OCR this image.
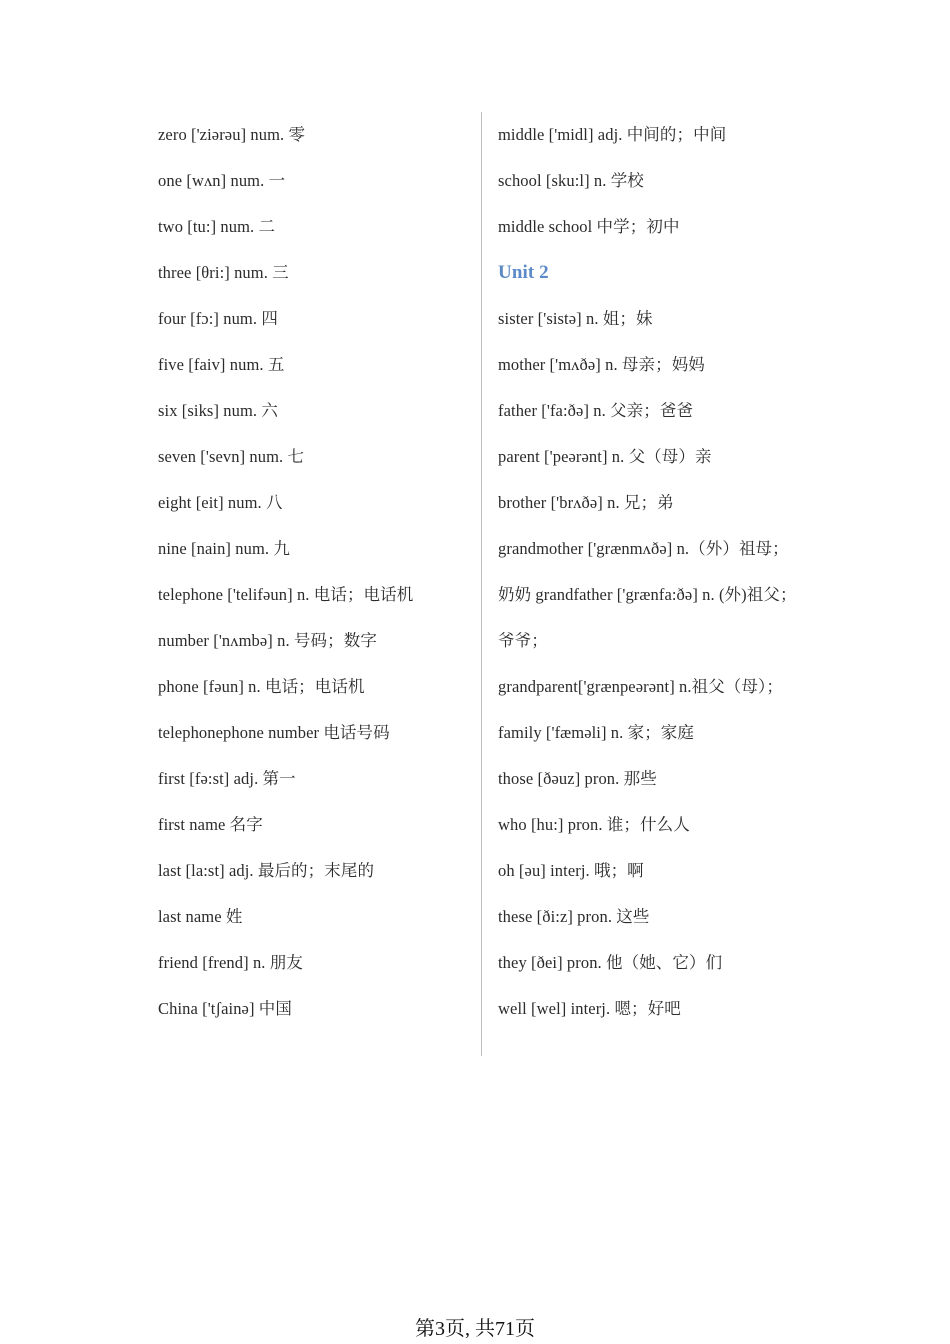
zero ['ziərəu] num. 零
one [wʌn] num. 一
two [tu:] num. 二
three [θri:] num. 三
four [fɔ:] num. 四
five [faiv] num. 五
six [siks] num. 六
seven ['sevn] num. 七
eight [eit] num. 八
nine [nain] num. 九
telephone ['telifəun] n. 电话；电话机
number ['nʌmbə] n. 号码；数字
phone [fəun] n. 电话；电话机
telephonephone number 电话号码
first [fə:st] adj. 第一
first name 名字
last [la:st] adj. 最后的；末尾的
last name 姓
friend [frend] n. 朋友
China ['tʃainə] 中国
middle ['midl] adj. 中间的；中间
school [sku:l] n. 学校
middle school 中学；初中
Unit 2
sister ['sistə] n. 姐；妹
mother ['mʌðə] n. 母亲；妈妈
father ['fa:ðə] n. 父亲；爸爸
parent ['peərənt] n. 父（母）亲
brother ['brʌðə] n. 兄；弟
grandmother ['grænmʌðə] n.（外）祖母；
奶奶 grandfather ['grænfa:ðə] n. (外)祖父；
爷爷；
grandparent['grænpeərənt] n.祖父（母）；
family ['fæməli] n. 家；家庭
those [ðəuz] pron. 那些
who [hu:] pron. 谁；什么人
oh [əu] interj. 哦；啊
these [ði:z] pron. 这些
they [ðei] pron. 他（她、它）们
well [wel] interj. 嗯；好吧
第3页, 共71页
